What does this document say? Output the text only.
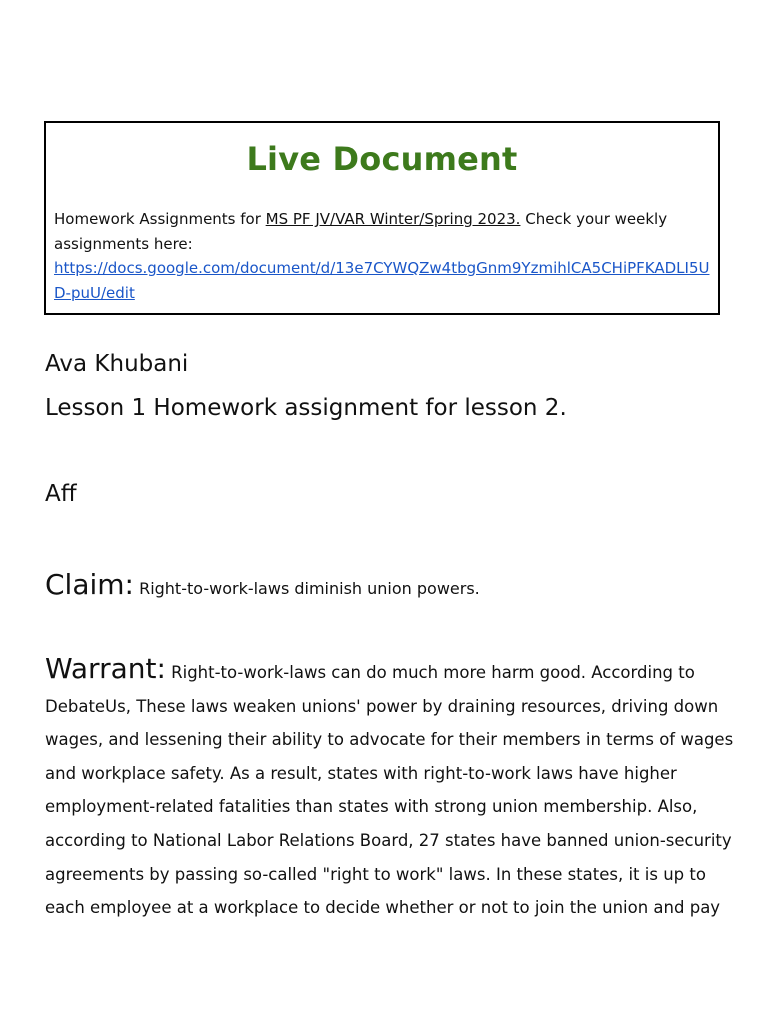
Live Document
Homework Assignments for MS PF JV/VAR Winter/Spring 2023. Check your weekly assignments here:
https://docs.google.com/document/d/13e7CYWQZw4tbgGnm9YzmihlCA5CHiPFKADLI5UD-puU/edit

Ava Khubani

Lesson 1 Homework assignment for lesson 2.

Aff

Claim: Right-to-work-laws diminish union powers.

Warrant: Right-to-work-laws can do much more harm good. According to DebateUs, These laws weaken unions' power by draining resources, driving down wages, and lessening their ability to advocate for their members in terms of wages and workplace safety. As a result, states with right-to-work laws have higher employment-related fatalities than states with strong union membership. Also, according to National Labor Relations Board, 27 states have banned union-security agreements by passing so-called "right to work" laws. In these states, it is up to each employee at a workplace to decide whether or not to join the union and pay
